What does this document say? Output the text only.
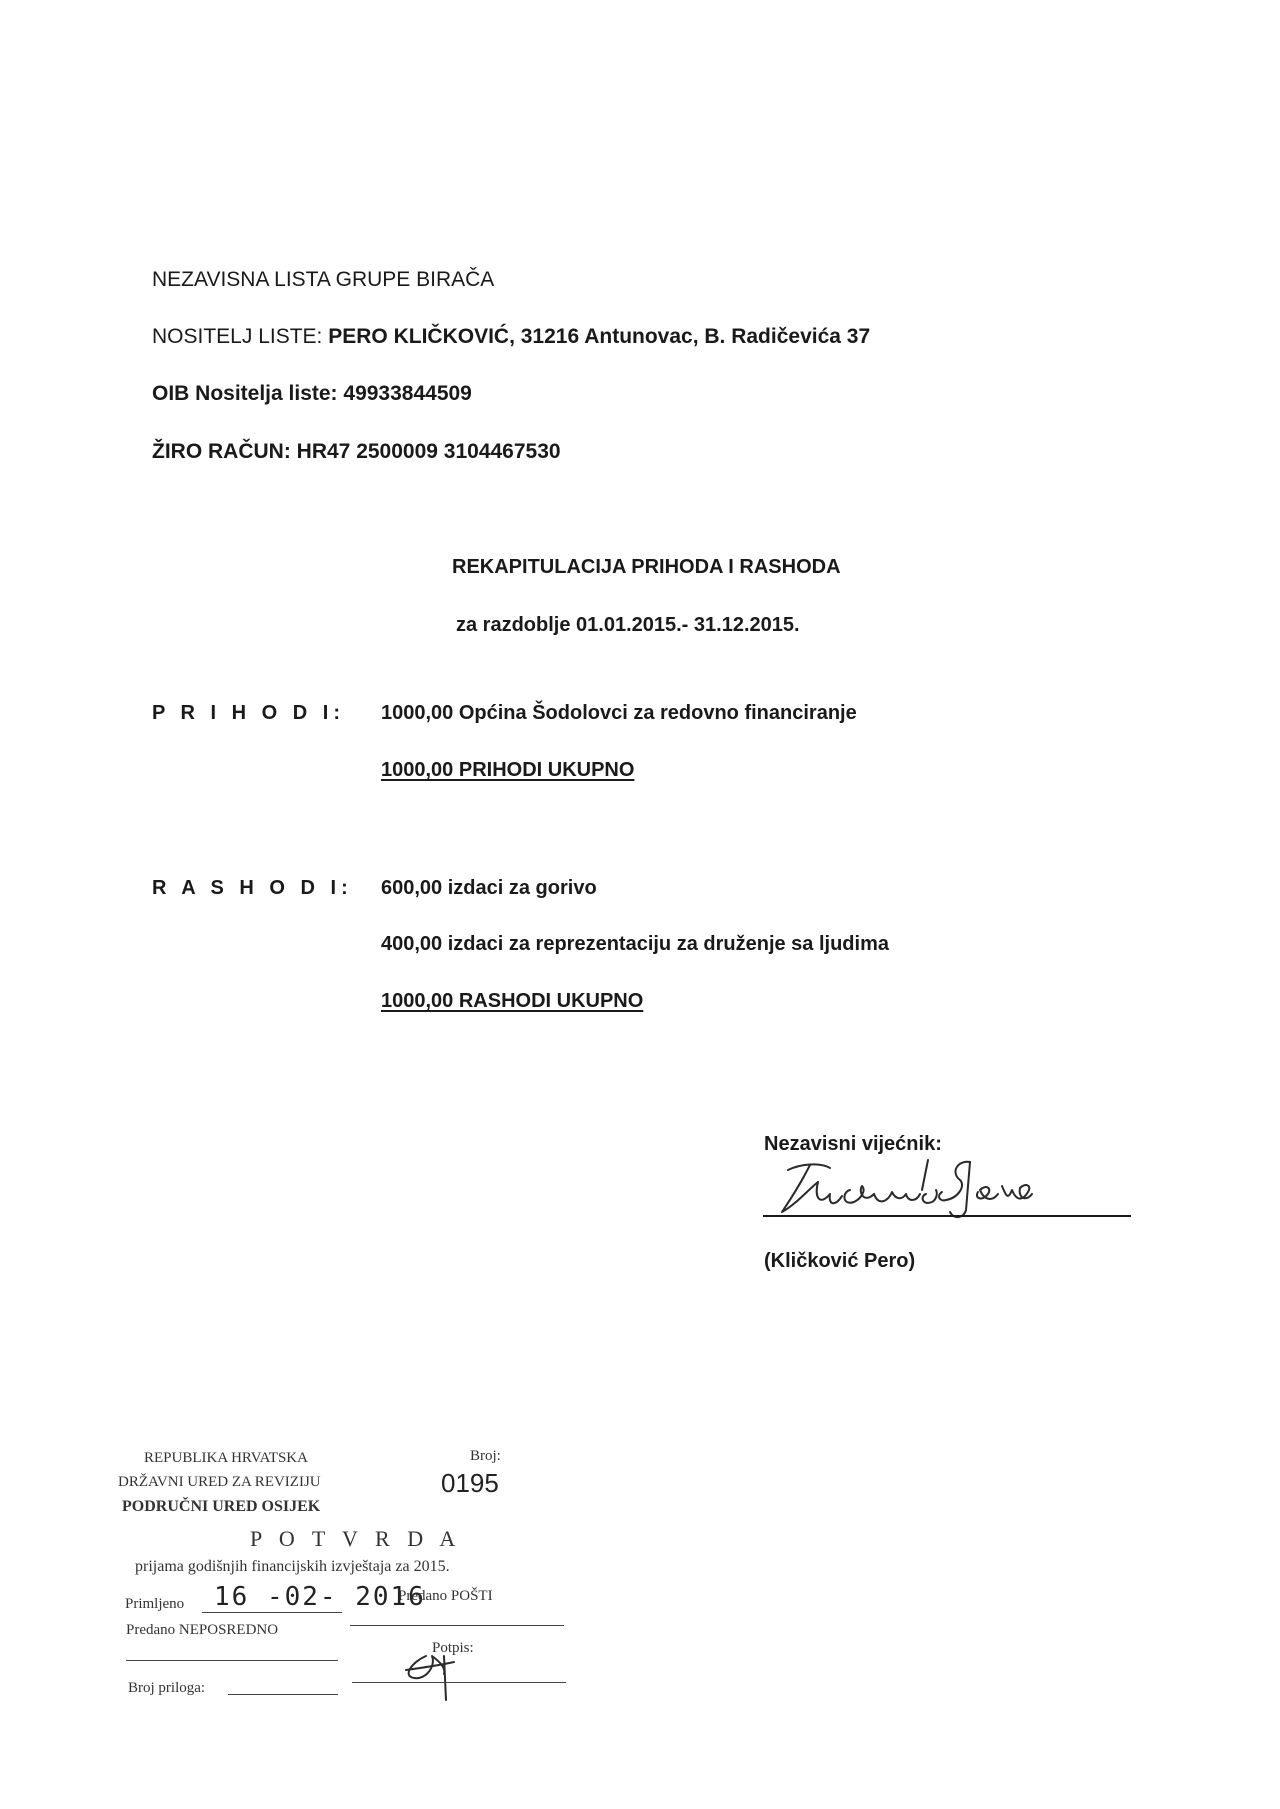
NEZAVISNA LISTA GRUPE BIRAČA
NOSITELJ LISTE: PERO KLIČKOVIĆ, 31216 Antunovac, B. Radičevića 37
OIB Nositelja liste: 49933844509
ŽIRO RAČUN: HR47 2500009 3104467530
REKAPITULACIJA PRIHODA I RASHODA
za razdoblje 01.01.2015.- 31.12.2015.
P R I H O D I: 1000,00 Općina Šodolovci za redovno financiranje
1000,00 PRIHODI UKUPNO
R A S H O D I: 600,00 izdaci za gorivo
400,00 izdaci za reprezentaciju za druženje sa ljudima
1000,00 RASHODI UKUPNO
Nezavisni vijećnik:
(Kličković Pero)
REPUBLIKA HRVATSKA
DRŽAVNI URED ZA REVIZIJU
PODRUČNI URED OSIJEK
Broj:
0195
P O T V R D A
prijama godišnjih financijskih izvještaja za 2015.
Primljeno 16 -02- 2016
Predano POŠTI
Predano NEPOSREDNO
Potpis:
Broj priloga:
